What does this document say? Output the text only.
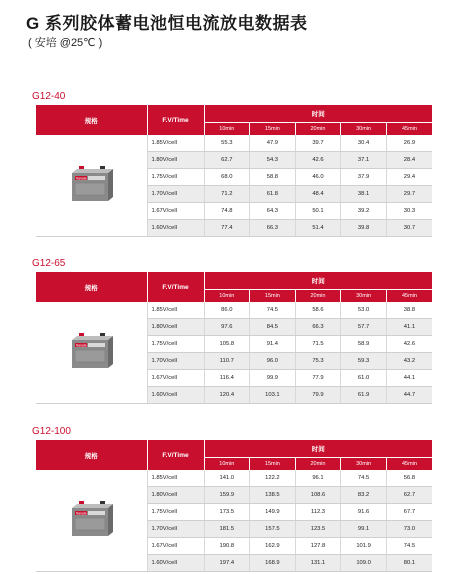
G 系列胶体蓄电池恒电流放电数据表
( 安培 @25℃ )
G12-40
规格	F.V/Time	时间				
		10min	15min	20min	30min	45min

Narada	1.85V/cell	55.3	47.9	39.7	30.4	26.9
	1.80V/cell	62.7	54.3	42.6	37.1	28.4
	1.75V/cell	68.0	58.8	46.0	37.9	29.4
	1.70V/cell	71.2	61.8	48.4	38.1	29.7
	1.67V/cell	74.8	64.3	50.1	39.2	30.3
	1.60V/cell	77.4	66.3	51.4	39.8	30.7
G12-65
规格	F.V/Time	时间				
		10min	15min	20min	30min	45min

Narada	1.85V/cell	86.0	74.5	58.6	53.0	38.8
	1.80V/cell	97.6	84.5	66.3	57.7	41.1
	1.75V/cell	105.8	91.4	71.5	58.9	42.6
	1.70V/cell	110.7	96.0	75.3	59.3	43.2
	1.67V/cell	116.4	99.9	77.9	61.0	44.1
	1.60V/cell	120.4	103.1	79.9	61.9	44.7
G12-100
规格	F.V/Time	时间				
		10min	15min	20min	30min	45min

Narada	1.85V/cell	141.0	122.2	96.1	74.5	56.8
	1.80V/cell	159.9	138.5	108.6	83.2	62.7
	1.75V/cell	173.5	149.9	112.3	91.6	67.7
	1.70V/cell	181.5	157.5	123.5	99.1	73.0
	1.67V/cell	190.8	162.9	127.8	101.9	74.5
	1.60V/cell	197.4	168.9	131.1	109.0	80.1
